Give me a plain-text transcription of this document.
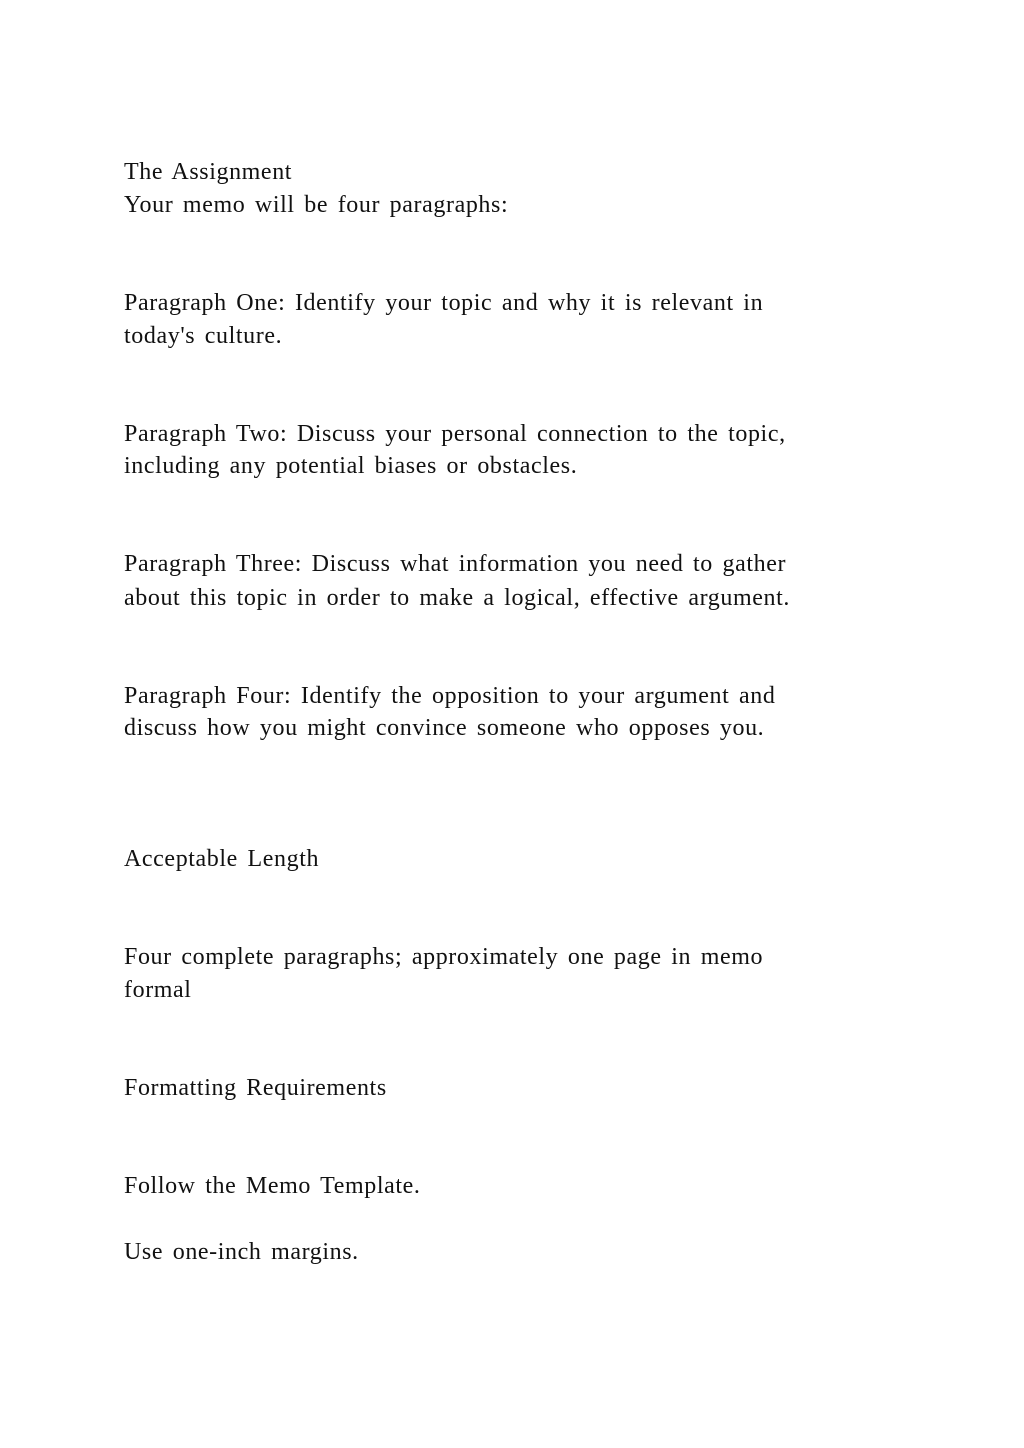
The Assignment
Your memo will be four paragraphs:
Paragraph One: Identify your topic and why it is relevant in
today's culture.
Paragraph Two: Discuss your personal connection to the topic,
including any potential biases or obstacles.
Paragraph Three: Discuss what information you need to gather
about this topic in order to make a logical, effective argument.
Paragraph Four: Identify the opposition to your argument and
discuss how you might convince someone who opposes you.
Acceptable Length
Four complete paragraphs; approximately one page in memo
formal
Formatting Requirements
Follow the Memo Template.
Use one-inch margins.
